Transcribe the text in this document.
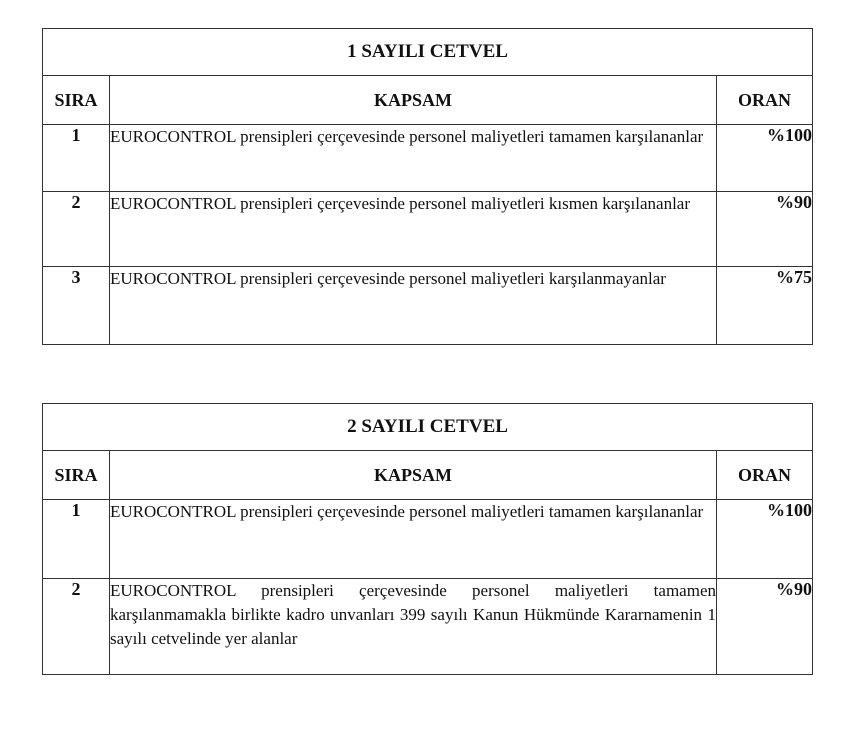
1 SAYILI CETVEL		
SIRA	KAPSAM	ORAN
1	EUROCONTROL prensipleri çerçevesinde personel maliyetleri tamamen karşılananlar	%100
2	EUROCONTROL prensipleri çerçevesinde personel maliyetleri kısmen karşılananlar	%90
3	EUROCONTROL prensipleri çerçevesinde personel maliyetleri karşılanmayanlar	%75
2 SAYILI CETVEL		
SIRA	KAPSAM	ORAN
1	EUROCONTROL prensipleri çerçevesinde personel maliyetleri tamamen karşılananlar	%100
2	EUROCONTROL prensipleri çerçevesinde personel maliyetleri tamamen karşılanmamakla birlikte kadro unvanları 399 sayılı Kanun Hükmünde Kararnamenin 1 sayılı cetvelinde yer alanlar	%90
